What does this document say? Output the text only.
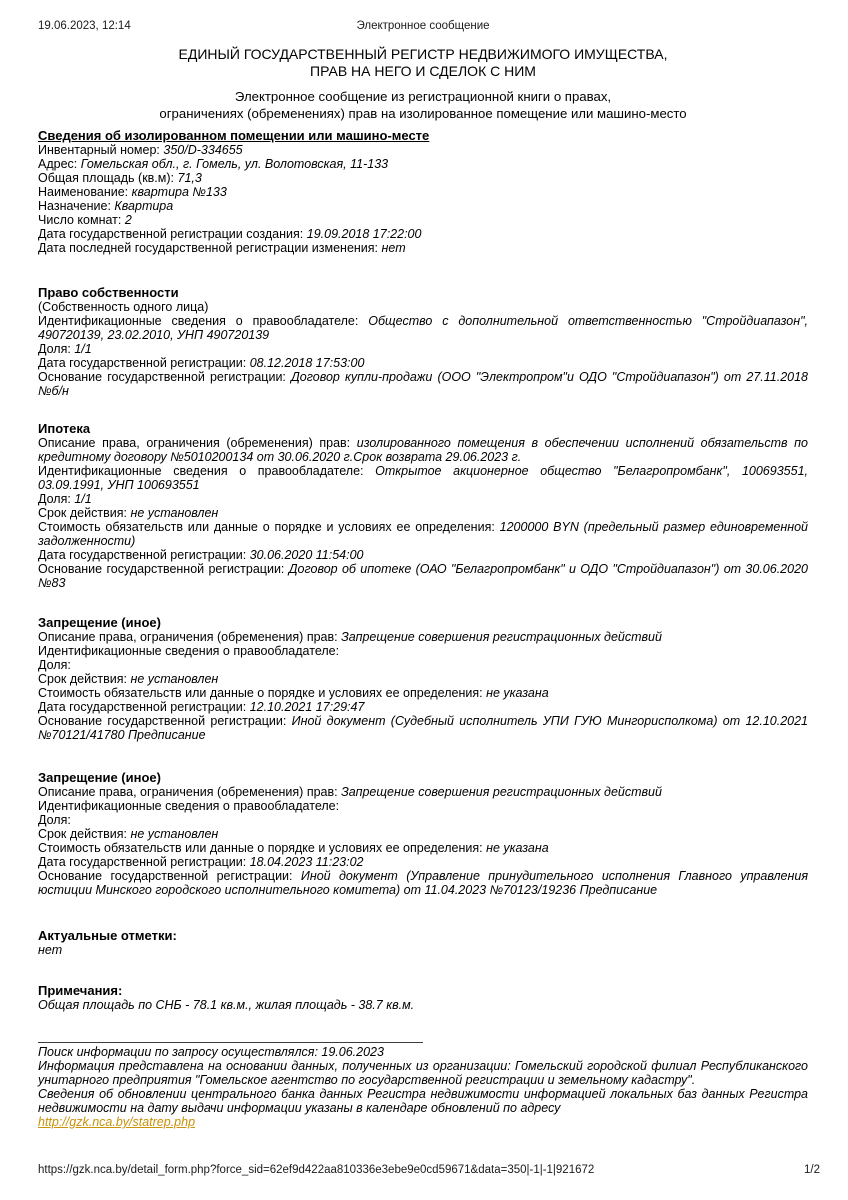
19.06.2023, 12:14	Электронное сообщение
ЕДИНЫЙ ГОСУДАРСТВЕННЫЙ РЕГИСТР НЕДВИЖИМОГО ИМУЩЕСТВА,
ПРАВ НА НЕГО И СДЕЛОК С НИМ
Электронное сообщение из регистрационной книги о правах,
ограничениях (обременениях) прав на изолированное помещение или машино-место
Сведения об изолированном помещении или машино-месте
Инвентарный номер: 350/D-334655
Адрес: Гомельская обл., г. Гомель, ул. Волотовская, 11-133
Общая площадь (кв.м): 71,3
Наименование: квартира №133
Назначение: Квартира
Число комнат: 2
Дата государственной регистрации создания: 19.09.2018 17:22:00
Дата последней государственной регистрации изменения: нет
Право собственности
(Собственность одного лица)
Идентификационные сведения о правообладателе: Общество с дополнительной ответственностью "Стройдиапазон", 490720139, 23.02.2010, УНП 490720139
Доля: 1/1
Дата государственной регистрации: 08.12.2018 17:53:00
Основание государственной регистрации: Договор купли-продажи (ООО "Электропром"и ОДО "Стройдиапазон") от 27.11.2018 №б/н
Ипотека
Описание права, ограничения (обременения) прав: изолированного помещения в обеспечении исполнений обязательств по кредитному договору №5010200134 от 30.06.2020 г.Срок возврата 29.06.2023 г.
Идентификационные сведения о правообладателе: Открытое акционерное общество "Белагропромбанк", 100693551, 03.09.1991, УНП 100693551
Доля: 1/1
Срок действия: не установлен
Стоимость обязательств или данные о порядке и условиях ее определения: 1200000 BYN (предельный размер единовременной задолженности)
Дата государственной регистрации: 30.06.2020 11:54:00
Основание государственной регистрации: Договор об ипотеке (ОАО "Белагропромбанк" и ОДО "Стройдиапазон") от 30.06.2020 №83
Запрещение (иное)
Описание права, ограничения (обременения) прав: Запрещение совершения регистрационных действий
Идентификационные сведения о правообладателе:
Доля:
Срок действия: не установлен
Стоимость обязательств или данные о порядке и условиях ее определения: не указана
Дата государственной регистрации: 12.10.2021 17:29:47
Основание государственной регистрации: Иной документ (Судебный исполнитель УПИ ГУЮ Мингорисполкома) от 12.10.2021 №70121/41780 Предписание
Запрещение (иное)
Описание права, ограничения (обременения) прав: Запрещение совершения регистрационных действий
Идентификационные сведения о правообладателе:
Доля:
Срок действия: не установлен
Стоимость обязательств или данные о порядке и условиях ее определения: не указана
Дата государственной регистрации: 18.04.2023 11:23:02
Основание государственной регистрации: Иной документ (Управление принудительного исполнения Главного управления юстиции Минского городского исполнительного комитета) от 11.04.2023 №70123/19236 Предписание
Актуальные отметки:
нет
Примечания:
Общая площадь по СНБ - 78.1 кв.м., жилая площадь - 38.7 кв.м.
Поиск информации по запросу осуществлялся: 19.06.2023
Информация представлена на основании данных, полученных из организации: Гомельский городской филиал Республиканского унитарного предприятия "Гомельское агентство по государственной регистрации и земельному кадастру".
Сведения об обновлении центрального банка данных Регистра недвижимости информацией локальных баз данных Регистра недвижимости на дату выдачи информации указаны в календаре обновлений по адресу
http://gzk.nca.by/statrep.php
https://gzk.nca.by/detail_form.php?force_sid=62ef9d422aa810336e3ebe9e0cd59671&data=350|-1|-1|921672	1/2
